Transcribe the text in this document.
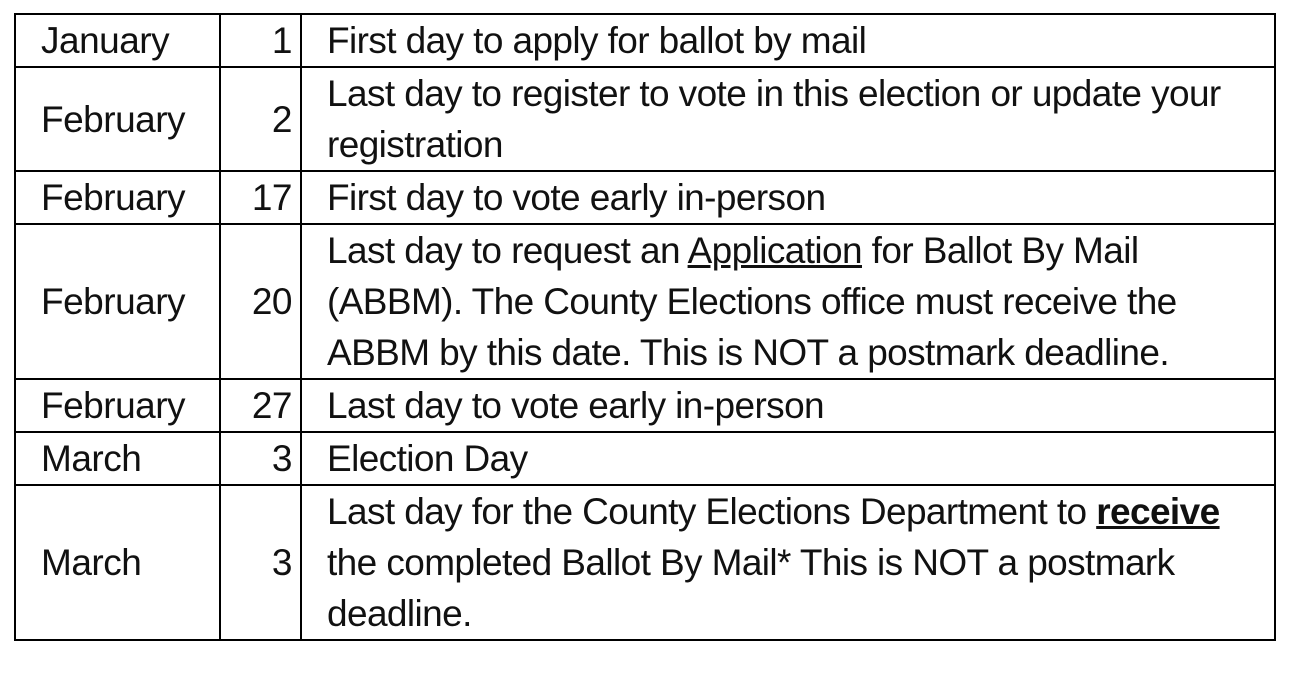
January	1	First day to apply for ballot by mail
February	2	Last day to register to vote in this election or update your registration
February	17	First day to vote early in-person
February	20	Last day to request an Application for Ballot By Mail (ABBM). The County Elections office must receive the ABBM by this date. This is NOT a postmark deadline.
February	27	Last day to vote early in-person
March	3	Election Day
March	3	Last day for the County Elections Department to receive the completed Ballot By Mail* This is NOT a postmark deadline.
